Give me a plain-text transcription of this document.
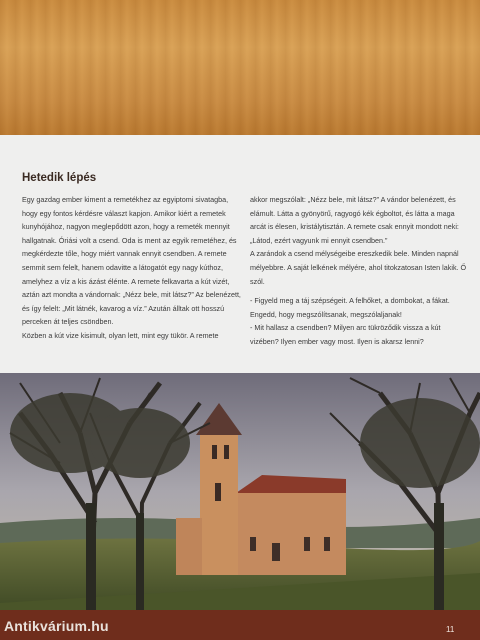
Hetedik lépés

Egy gazdag ember kiment a remetékhez az egyiptomi sivatagba, hogy egy fontos kérdésre választ kapjon. Amikor kiért a remetek kunyhójához, nagyon meglepődött azon, hogy a remeték mennyit hallgatnak. Óriási volt a csend. Oda is ment az egyik remetéhez, és megkérdezte tőle, hogy miért vannak ennyit csendben. A remete semmit sem felelt, hanem odavitte a látogatót egy nagy kúthoz, amelyhez a víz a kis ázást élénte. A remete felkavarta a kút vizét, aztán azt mondta a vándornak: „Nézz bele, mit látsz?” Az belenézett, és így felelt: „Mit látnék, kavarog a víz.” Azután álltak ott hosszú perceken át teljes csöndben.

Közben a kút vize kisimult, olyan lett, mint egy tükör. A remete

akkor megszólalt: „Nézz bele, mit látsz?” A vándor belenézett, és elámult. Látta a gyönyörű, ragyogó kék égboltot, és látta a maga arcát is élesen, kristálytisztán. A remete csak ennyit mondott neki: „Látod, ezért vagyunk mi ennyit csendben.”

A zarándok a csend mélységeibe ereszkedik bele. Minden napnál mélyebbre. A saját lelkének mélyére, ahol titokzatosan Isten lakik. Ő szól.

- Figyeld meg a táj szépségeit. A felhőket, a dombokat, a fákat. Engedd, hogy megszólítsanak, megszólaljanak!

- Mit hallasz a csendben? Milyen arc tükröződik vissza a kút vizében? Ilyen ember vagy most. Ilyen is akarsz lenni?

Antikvárium.hu	11
